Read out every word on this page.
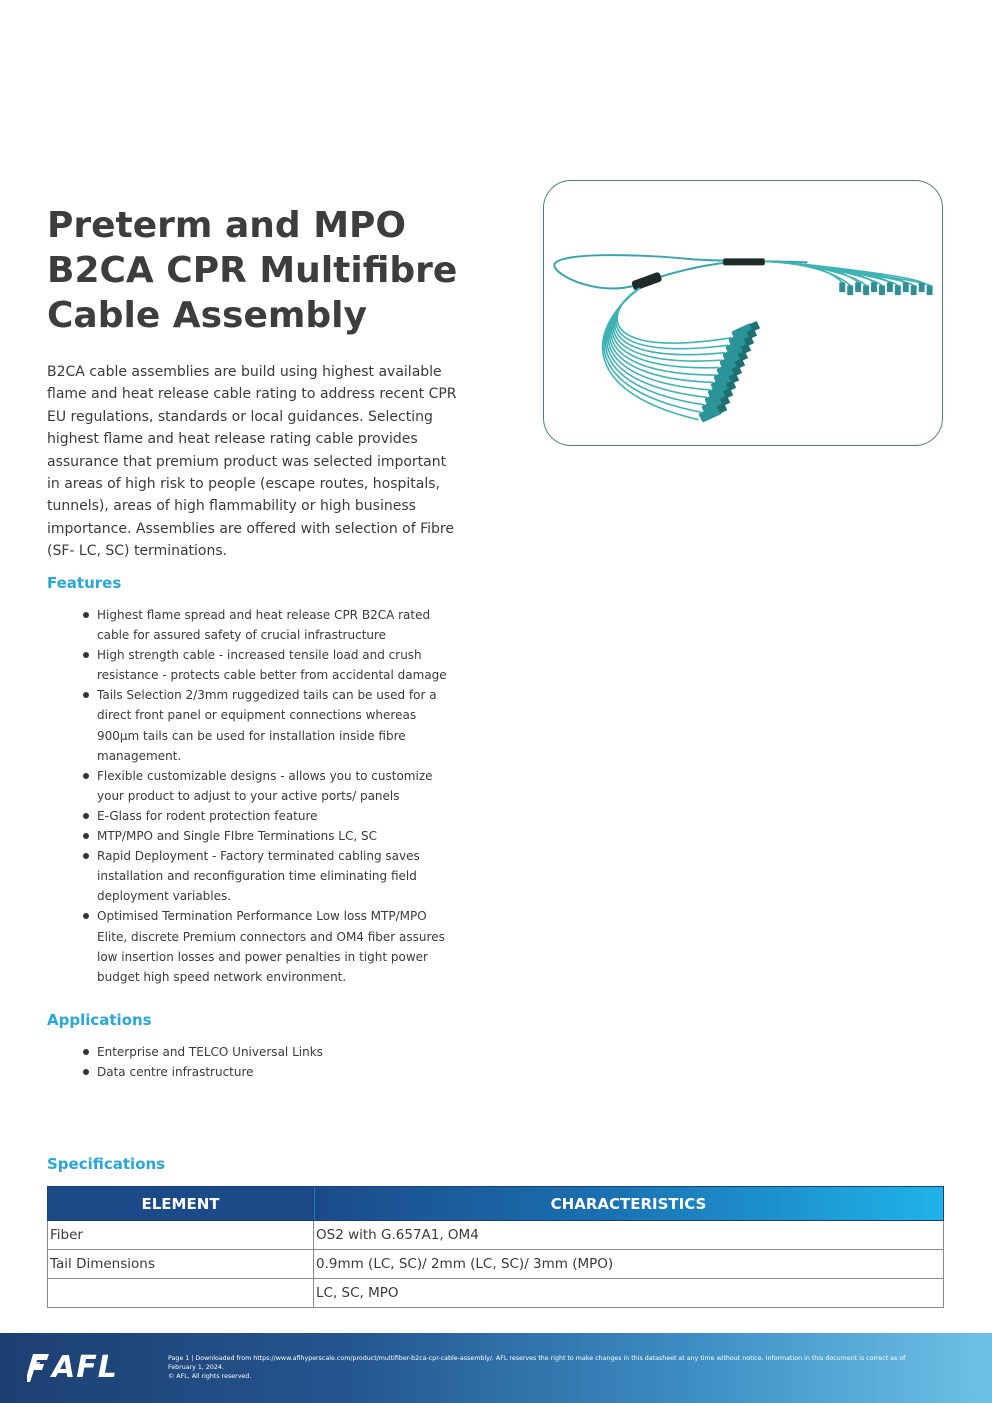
Preterm and MPO
B2CA CPR Multifibre
Cable Assembly

B2CA cable assemblies are build using highest available flame and heat release cable rating to address recent CPR EU regulations, standards or local guidances. Selecting highest flame and heat release rating cable provides assurance that premium product was selected important in areas of high risk to people (escape routes, hospitals, tunnels), areas of high flammability or high business importance. Assemblies are offered with selection of Fibre (SF- LC, SC) terminations.

Features
Highest flame spread and heat release CPR B2CA rated cable for assured safety of crucial infrastructure
High strength cable - increased tensile load and crush resistance - protects cable better from accidental damage
Tails Selection 2/3mm ruggedized tails can be used for a direct front panel or equipment connections whereas 900µm tails can be used for installation inside fibre management.
Flexible customizable designs - allows you to customize your product to adjust to your active ports/ panels
E-Glass for rodent protection feature
MTP/MPO and Single FIbre Terminations LC, SC
Rapid Deployment - Factory terminated cabling saves installation and reconfiguration time eliminating field deployment variables.
Optimised Termination Performance Low loss MTP/MPO Elite, discrete Premium connectors and OM4 fiber assures low insertion losses and power penalties in tight power budget high speed network environment.
Applications
Enterprise and TELCO Universal Links
Data centre infrastructure
Specifications
ELEMENT	CHARACTERISTICS
Fiber	OS2 with G.657A1, OM4
Tail Dimensions	0.9mm (LC, SC)/ 2mm (LC, SC)/ 3mm (MPO)
	LC, SC, MPO
AFL	Page 1 | Downloaded from https://www.aflhyperscale.com/product/multifiber-b2ca-cpr-cable-assembly/. AFL reserves the right to make changes in this datasheet at any time without notice. Information in this document is correct as of
February 1, 2024.
© AFL, All rights reserved.
